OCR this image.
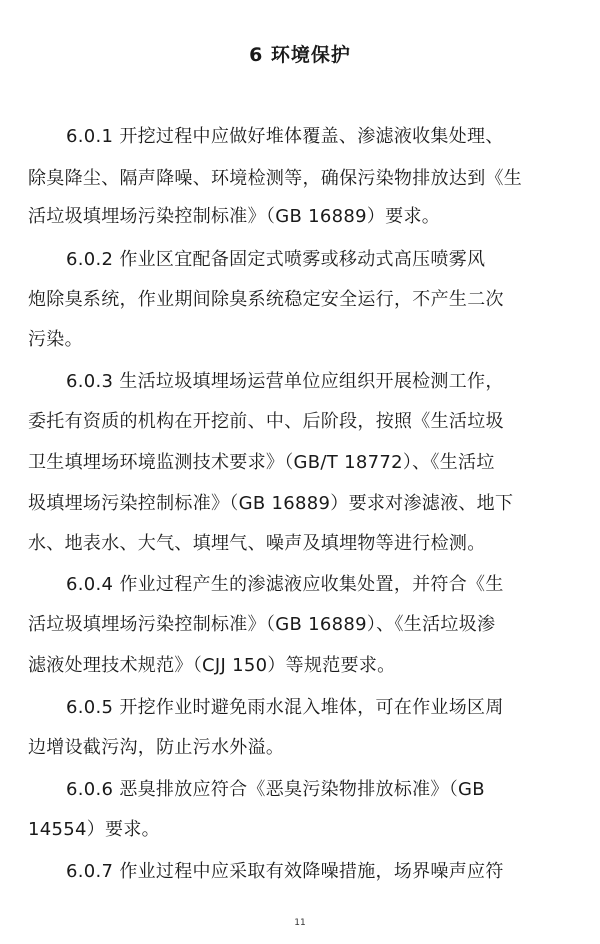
6 环境保护
6.0.1 开挖过程中应做好堆体覆盖、渗滤液收集处理、
除臭降尘、隔声降噪、环境检测等，确保污染物排放达到《生
活垃圾填埋场污染控制标准》（GB 16889）要求。
6.0.2 作业区宜配备固定式喷雾或移动式高压喷雾风
炮除臭系统，作业期间除臭系统稳定安全运行，不产生二次
污染。
6.0.3 生活垃圾填埋场运营单位应组织开展检测工作，
委托有资质的机构在开挖前、中、后阶段，按照《生活垃圾
卫生填埋场环境监测技术要求》（GB/T 18772）、《生活垃
圾填埋场污染控制标准》（GB 16889）要求对渗滤液、地下
水、地表水、大气、填埋气、噪声及填埋物等进行检测。
6.0.4 作业过程产生的渗滤液应收集处置，并符合《生
活垃圾填埋场污染控制标准》（GB 16889）、《生活垃圾渗
滤液处理技术规范》（CJJ 150）等规范要求。
6.0.5 开挖作业时避免雨水混入堆体，可在作业场区周
边增设截污沟，防止污水外溢。
6.0.6 恶臭排放应符合《恶臭污染物排放标准》（GB
14554）要求。
6.0.7 作业过程中应采取有效降噪措施，场界噪声应符
11
